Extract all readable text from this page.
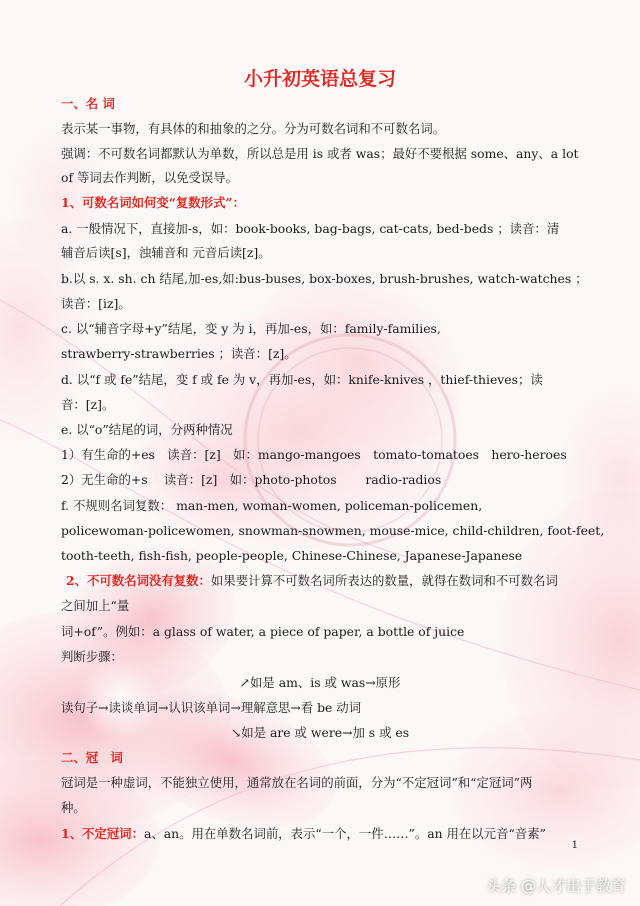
小升初英语总复习
一、名 词
表示某一事物，有具体的和抽象的之分。分为可数名词和不可数名词。
强调：不可数名词都默认为单数，所以总是用 is 或者 was；最好不要根据 some、any、a lot
of 等词去作判断，以免受误导。
1、可数名词如何变“复数形式”：
a. 一般情况下，直接加-s，如：book-books, bag-bags, cat-cats, bed-beds ；读音：清
辅音后读[s]，浊辅音和 元音后读[z]。
b.以 s. x. sh. ch 结尾,加-es,如:bus-buses, box-boxes, brush-brushes, watch-watches ；
读音：[iz]。
c. 以“辅音字母+y”结尾，变 y 为 i，再加-es，如：family-families,
strawberry-strawberries ；读音：[z]。
d. 以“f 或 fe”结尾，变 f 或 fe 为 v，再加-es，如：knife-knives ，thief-thieves；读
音：[z]。
e. 以“o”结尾的词，分两种情况
1）有生命的+es　读音：[z]　如：mango-mangoes　tomato-tomatoes　hero-heroes
2）无生命的+s　 读音：[z]　如：photo-photos　　 radio-radios
f. 不规则名词复数： man-men, woman-women, policeman-policemen,
policewoman-policewomen, snowman-snowmen, mouse-mice, child-children, foot-feet,
tooth-teeth, fish-fish, people-people, Chinese-Chinese, Japanese-Japanese
2、不可数名词没有复数：如果要计算不可数名词所表达的数量，就得在数词和不可数名词
之间加上“量
词+of”。例如：a glass of water, a piece of paper, a bottle of juice
判断步骤：
↗如是 am、is 或 was→原形
读句子→读谈单词→认识该单词→理解意思→看 be 动词
↘如是 are 或 were→加 s 或 es
二、冠　词
冠词是一种虚词，不能独立使用，通常放在名词的前面，分为“不定冠词”和“定冠词”两
种。
1、不定冠词：a、an。用在单数名词前，表示“一个，一件……”。an 用在以元音“音素”
1
头条 @人才出于教育
